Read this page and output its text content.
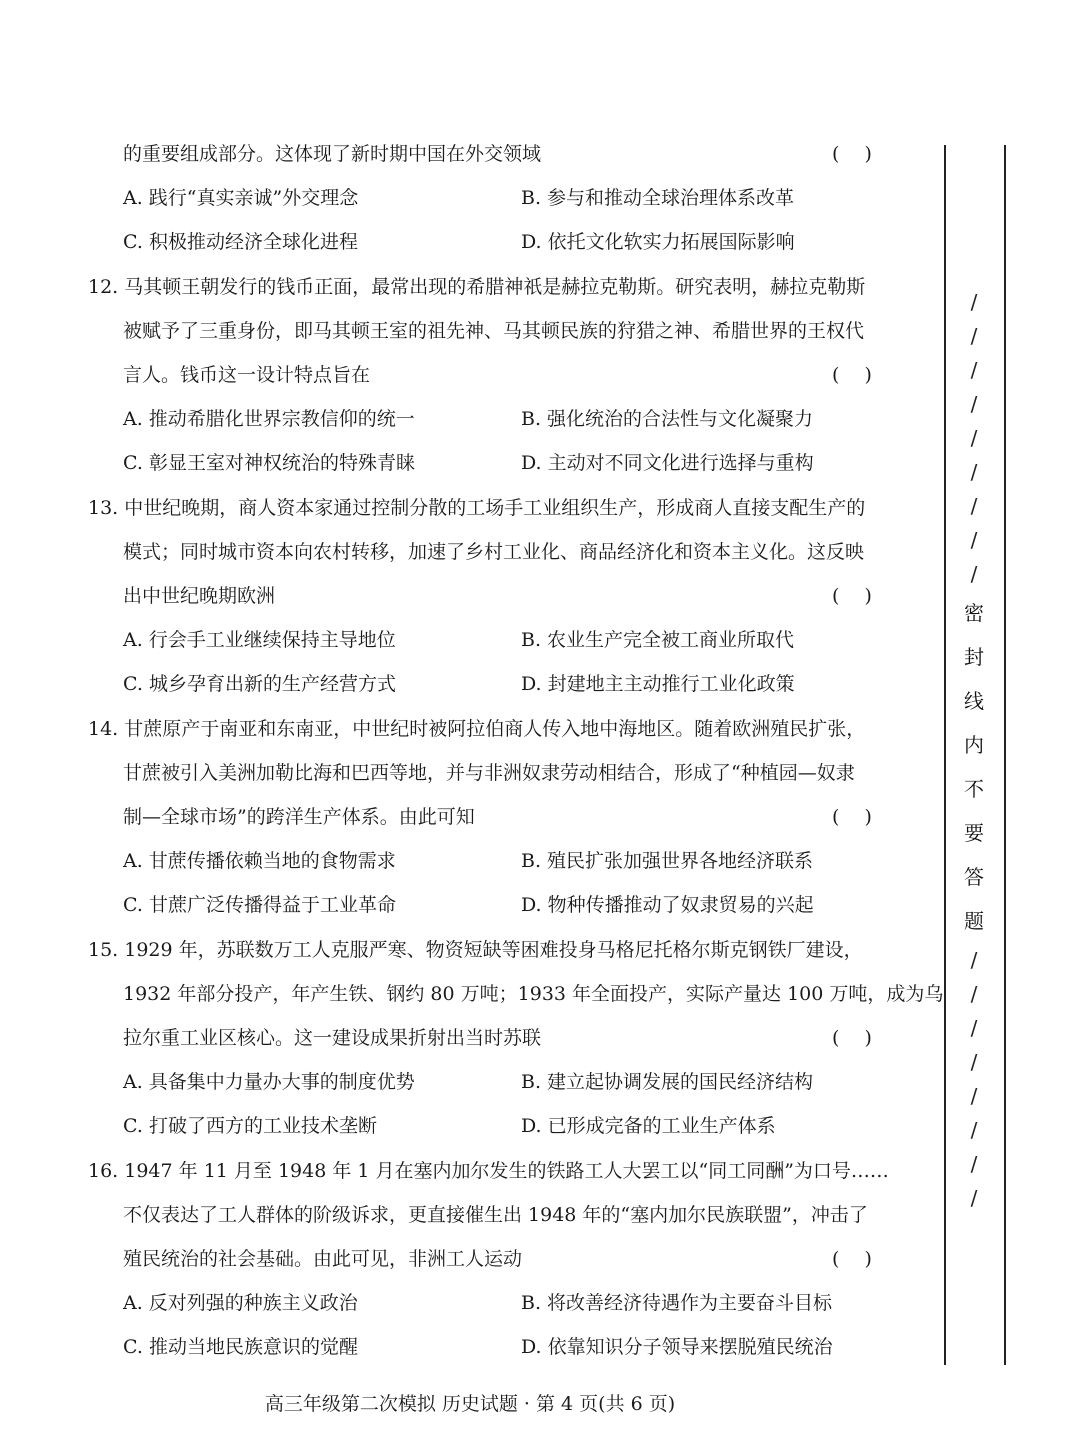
的重要组成部分。这体现了新时期中国在外交领域	(　 )
A. 践行“真实亲诚”外交理念	B. 参与和推动全球治理体系改革
C. 积极推动经济全球化进程	D. 依托文化软实力拓展国际影响
12. 马其顿王朝发行的钱币正面，最常出现的希腊神祇是赫拉克勒斯。研究表明，赫拉克勒斯
被赋予了三重身份，即马其顿王室的祖先神、马其顿民族的狩猎之神、希腊世界的王权代
言人。钱币这一设计特点旨在	(　 )
A. 推动希腊化世界宗教信仰的统一	B. 强化统治的合法性与文化凝聚力
C. 彰显王室对神权统治的特殊青睐	D. 主动对不同文化进行选择与重构
13. 中世纪晚期，商人资本家通过控制分散的工场手工业组织生产，形成商人直接支配生产的
模式；同时城市资本向农村转移，加速了乡村工业化、商品经济化和资本主义化。这反映
出中世纪晚期欧洲	(　 )
A. 行会手工业继续保持主导地位	B. 农业生产完全被工商业所取代
C. 城乡孕育出新的生产经营方式	D. 封建地主主动推行工业化政策
14. 甘蔗原产于南亚和东南亚，中世纪时被阿拉伯商人传入地中海地区。随着欧洲殖民扩张，
甘蔗被引入美洲加勒比海和巴西等地，并与非洲奴隶劳动相结合，形成了“种植园—奴隶
制—全球市场”的跨洋生产体系。由此可知	(　 )
A. 甘蔗传播依赖当地的食物需求	B. 殖民扩张加强世界各地经济联系
C. 甘蔗广泛传播得益于工业革命	D. 物种传播推动了奴隶贸易的兴起
15. 1929 年，苏联数万工人克服严寒、物资短缺等困难投身马格尼托格尔斯克钢铁厂建设，
1932 年部分投产，年产生铁、钢约 80 万吨；1933 年全面投产，实际产量达 100 万吨，成为乌
拉尔重工业区核心。这一建设成果折射出当时苏联	(　 )
A. 具备集中力量办大事的制度优势	B. 建立起协调发展的国民经济结构
C. 打破了西方的工业技术垄断	D. 已形成完备的工业生产体系
16. 1947 年 11 月至 1948 年 1 月在塞内加尔发生的铁路工人大罢工以“同工同酬”为口号……
不仅表达了工人群体的阶级诉求，更直接催生出 1948 年的“塞内加尔民族联盟”，冲击了
殖民统治的社会基础。由此可见，非洲工人运动	(　 )
A. 反对列强的种族主义政治	B. 将改善经济待遇作为主要奋斗目标
C. 推动当地民族意识的觉醒	D. 依靠知识分子领导来摆脱殖民统治
高三年级第二次模拟 历史试题 · 第 4 页(共 6 页)
/
/
/
/
/
/
/
/
/
密
封
线
内
不
要
答
题
/
/
/
/
/
/
/
/
